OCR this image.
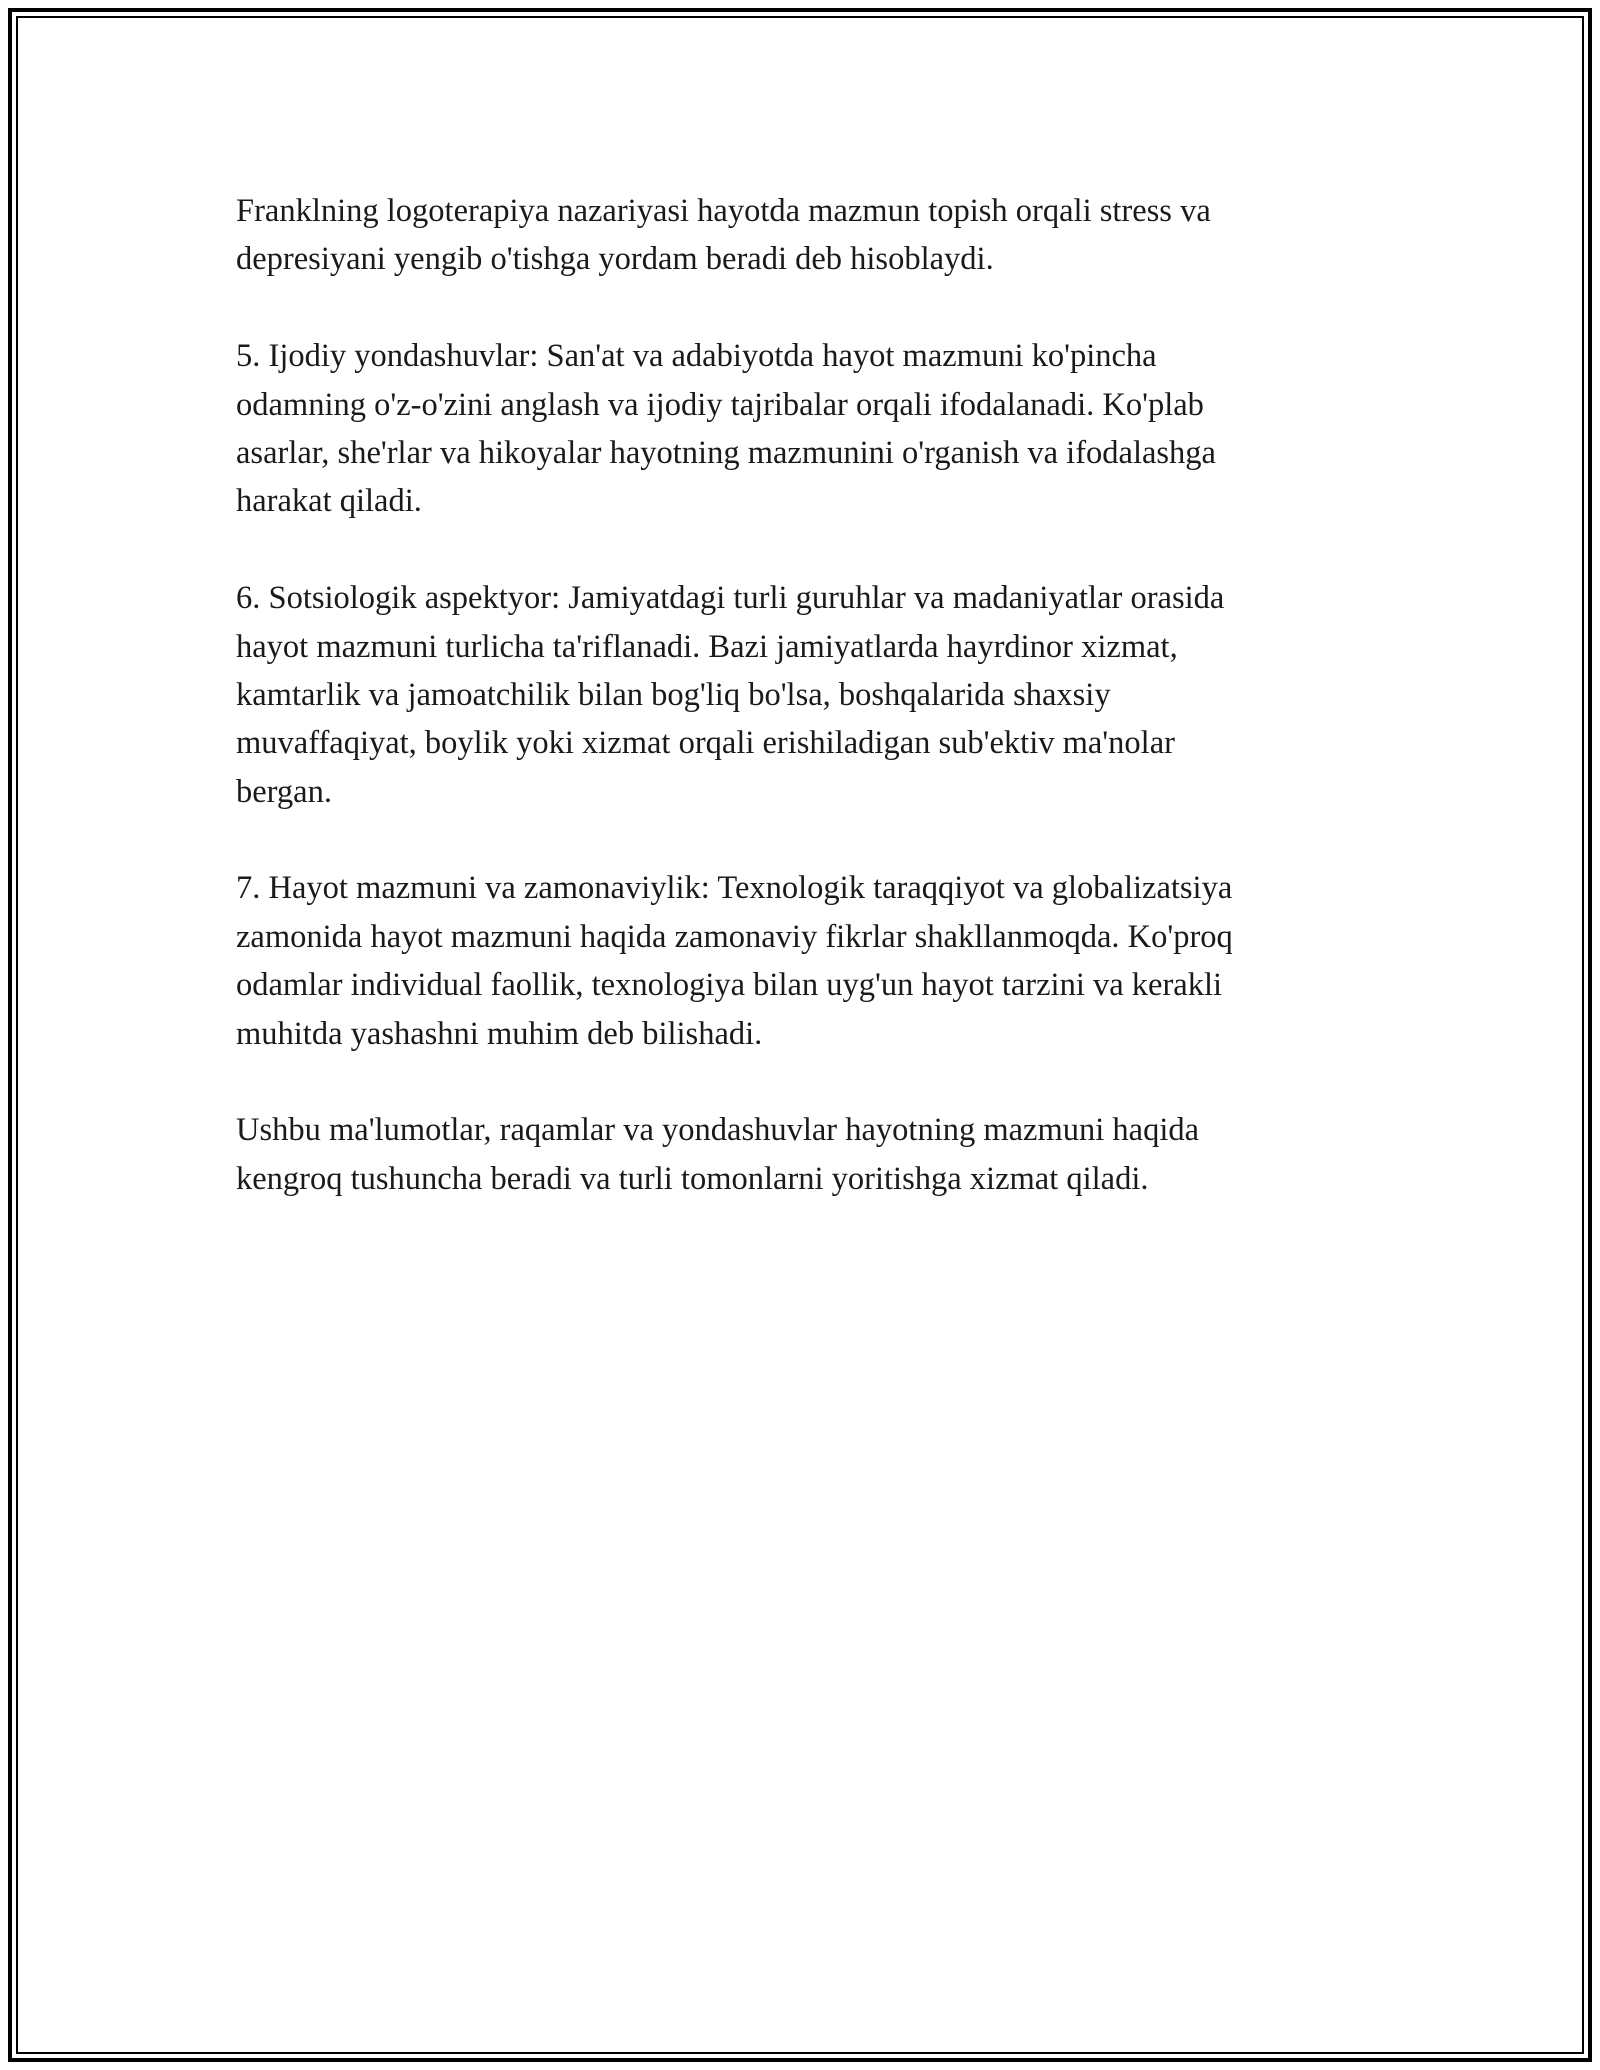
Franklning logoterapiya nazariyasi hayotda mazmun topish orqali stress va
depresiyani yengib o'tishga yordam beradi deb hisoblaydi.

5. Ijodiy yondashuvlar: San'at va adabiyotda hayot mazmuni ko'pincha
odamning o'z-o'zini anglash va ijodiy tajribalar orqali ifodalanadi. Ko'plab
asarlar, she'rlar va hikoyalar hayotning mazmunini o'rganish va ifodalashga
harakat qiladi.

6. Sotsiologik aspektyor: Jamiyatdagi turli guruhlar va madaniyatlar orasida
hayot mazmuni turlicha ta'riflanadi. Bazi jamiyatlarda hayrdinor xizmat,
kamtarlik va jamoatchilik bilan bog'liq bo'lsa, boshqalarida shaxsiy
muvaffaqiyat, boylik yoki xizmat orqali erishiladigan sub'ektiv ma'nolar
bergan.

7. Hayot mazmuni va zamonaviylik: Texnologik taraqqiyot va globalizatsiya
zamonida hayot mazmuni haqida zamonaviy fikrlar shakllanmoqda. Ko'proq
odamlar individual faollik, texnologiya bilan uyg'un hayot tarzini va kerakli
muhitda yashashni muhim deb bilishadi.

Ushbu ma'lumotlar, raqamlar va yondashuvlar hayotning mazmuni haqida
kengroq tushuncha beradi va turli tomonlarni yoritishga xizmat qiladi.
